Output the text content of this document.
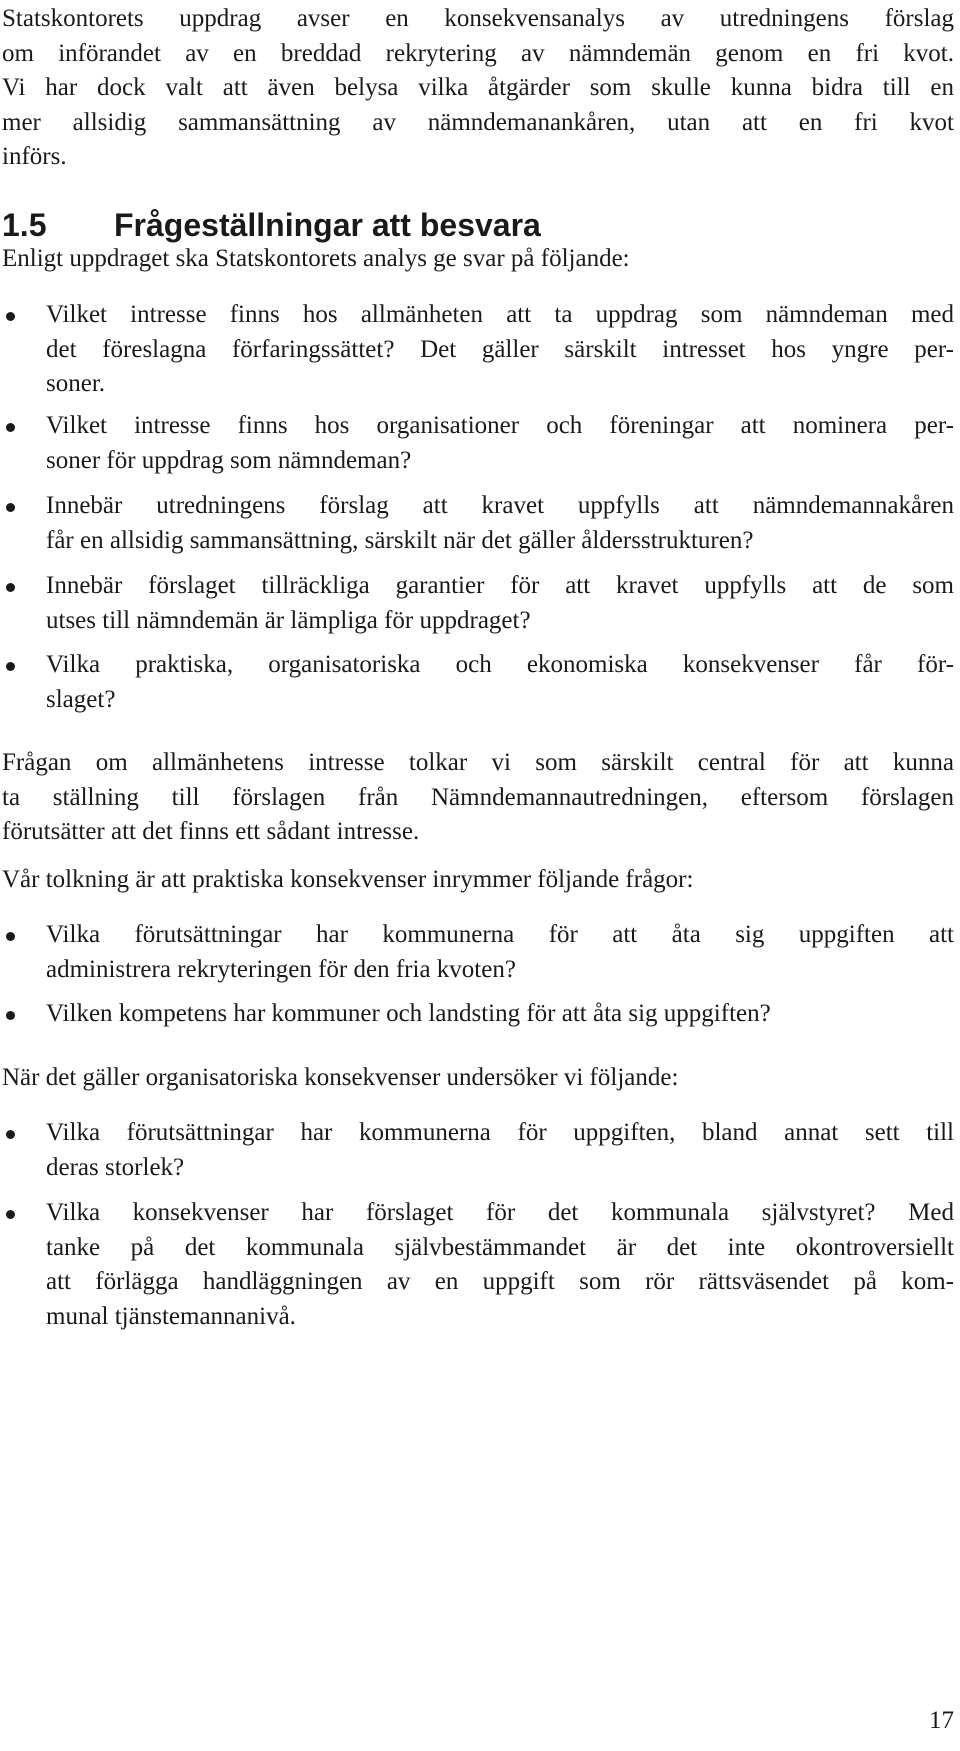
Statskontorets uppdrag avser en konsekvensanalys av utredningens förslag
om införandet av en breddad rekrytering av nämndemän genom en fri kvot.
Vi har dock valt att även belysa vilka åtgärder som skulle kunna bidra till en
mer allsidig sammansättning av nämndemanankåren, utan att en fri kvot
införs.
1.5 Frågeställningar att besvara
Enligt uppdraget ska Statskontorets analys ge svar på följande:
Vilket intresse finns hos allmänheten att ta uppdrag som nämndeman med
det föreslagna förfaringssättet? Det gäller särskilt intresset hos yngre per-
soner.
Vilket intresse finns hos organisationer och föreningar att nominera per-
soner för uppdrag som nämndeman?
Innebär utredningens förslag att kravet uppfylls att nämndemannakåren
får en allsidig sammansättning, särskilt när det gäller åldersstrukturen?
Innebär förslaget tillräckliga garantier för att kravet uppfylls att de som
utses till nämndemän är lämpliga för uppdraget?
Vilka praktiska, organisatoriska och ekonomiska konsekvenser får för-
slaget?
Frågan om allmänhetens intresse tolkar vi som särskilt central för att kunna
ta ställning till förslagen från Nämndemannautredningen, eftersom förslagen
förutsätter att det finns ett sådant intresse.
Vår tolkning är att praktiska konsekvenser inrymmer följande frågor:
Vilka förutsättningar har kommunerna för att åta sig uppgiften att
administrera rekryteringen för den fria kvoten?
Vilken kompetens har kommuner och landsting för att åta sig uppgiften?
När det gäller organisatoriska konsekvenser undersöker vi följande:
Vilka förutsättningar har kommunerna för uppgiften, bland annat sett till
deras storlek?
Vilka konsekvenser har förslaget för det kommunala självstyret? Med
tanke på det kommunala självbestämmandet är det inte okontroversiellt
att förlägga handläggningen av en uppgift som rör rättsväsendet på kom-
munal tjänstemannanivå.
17
